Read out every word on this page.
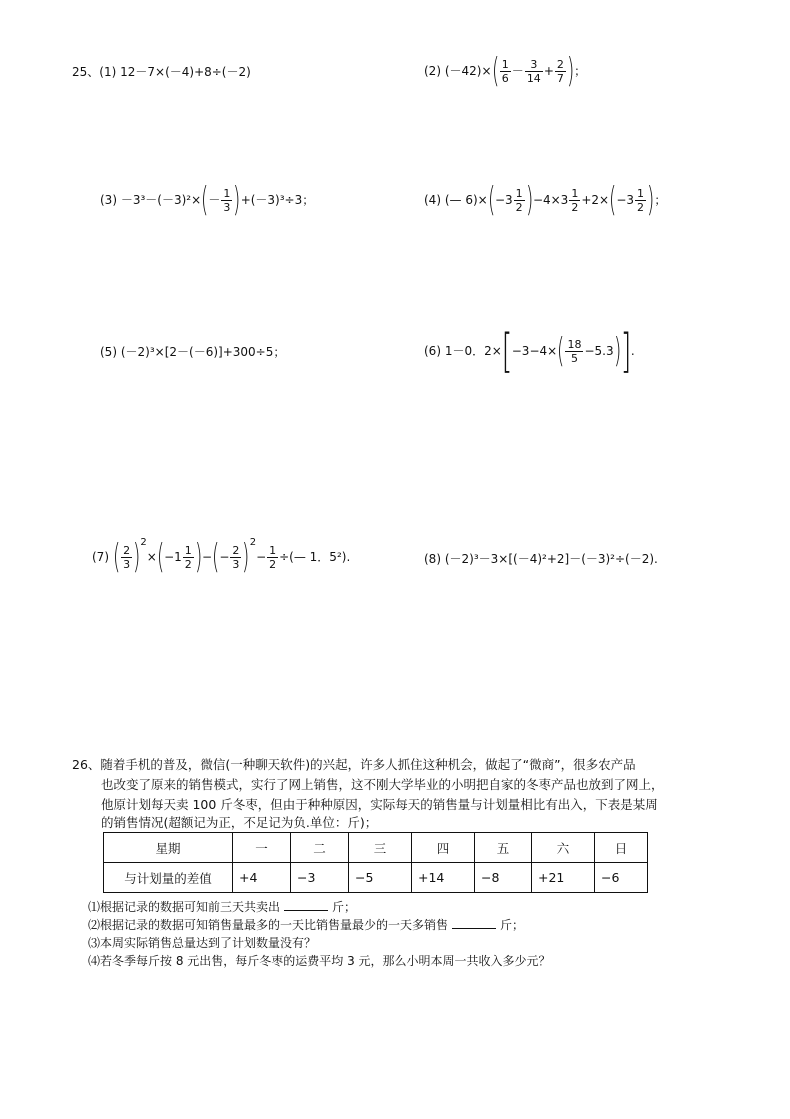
25、(1) 12－7×(－4)+8÷(－2)	(2) $(-42)\times( \frac{1}{6} - \frac{3}{14} + \frac{2}{7}$ )；
$(3) -3^3-(-3)^2\times(- \frac{1}{3} )+(-3)^3\div 3$；	(4) (— $6)\times(-3 \frac{1}{2} )-4\times 3 \frac{1}{2} +2\times(-3 \frac{1}{2}$ )；
(5) (－2)³×[2－(－6)]+300÷5；	(6) 1－0．$2\times[-3-4\times( \frac{18}{5} -5.3)]$.
(7) ( $\frac{2}{3} )^2\times(-1 \frac{1}{2}$ )−(− $\frac{2}{3} )^2- \frac{1}{2}$ ÷(— 1．5²).	(8) (－2)³－3×[(－4)²+2]－(－3)²÷(－2).
26、随着手机的普及，微信(一种聊天软件)的兴起，许多人抓住这种机会，做起了“微商”，很多农产品
也改变了原来的销售模式，实行了网上销售，这不刚大学毕业的小明把自家的冬枣产品也放到了网上，
他原计划每天卖 100 斤冬枣，但由于种种原因，实际每天的销售量与计划量相比有出入，下表是某周
的销售情况(超额记为正，不足记为负.单位：斤)；
星期	一	二	三	四	五	六	日
与计划量的差值	+4	−3	−5	+14	−8	+21	−6
⑴根据记录的数据可知前三天共卖出	斤；
⑵根据记录的数据可知销售量最多的一天比销售量最少的一天多销售	斤；
⑶本周实际销售总量达到了计划数量没有？
⑷若冬季每斤按 8 元出售，每斤冬枣的运费平均 3 元，那么小明本周一共收入多少元？
